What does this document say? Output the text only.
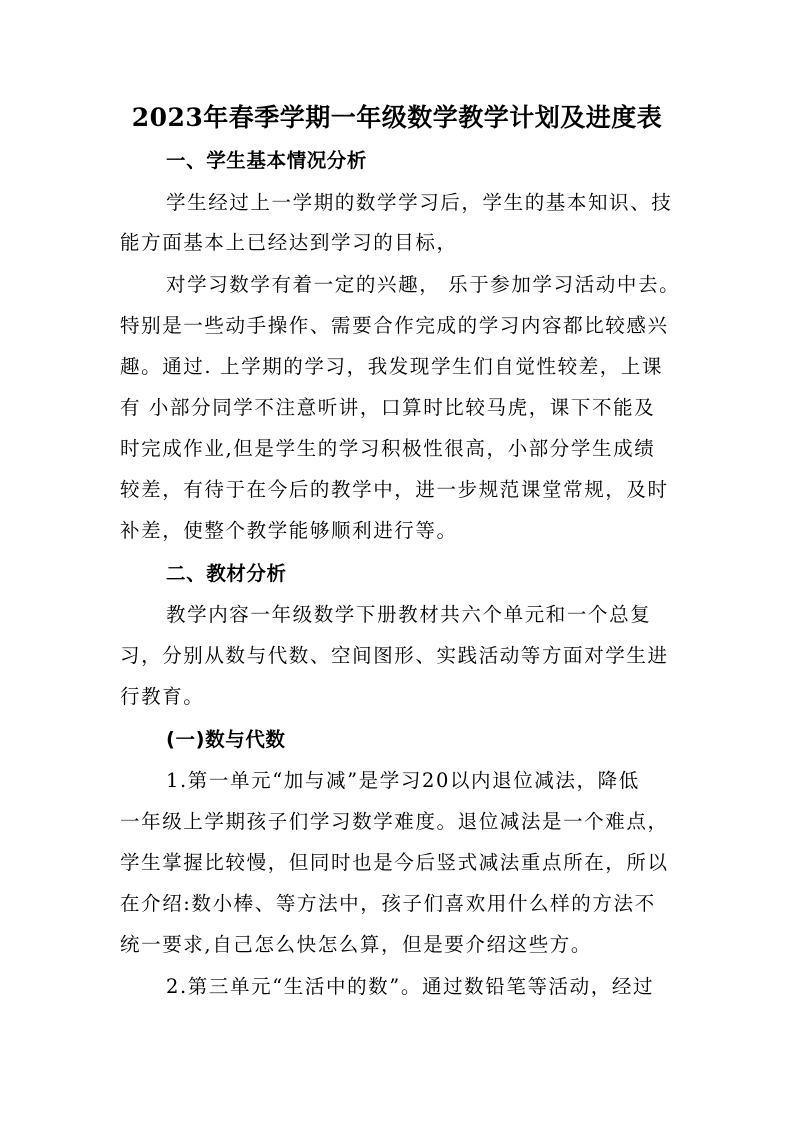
2023年春季学期一年级数学教学计划及进度表
一、学生基本情况分析
学生经过上一学期的数学学习后，学生的基本知识、技
能方面基本上已经达到学习的目标，
对学习数学有着一定的兴趣， 乐于参加学习活动中去。
特别是一些动手操作、需要合作完成的学习内容都比较感兴
趣。通过. 上学期的学习，我发现学生们自觉性较差，上课
有 小部分同学不注意听讲，口算时比较马虎，课下不能及
时完成作业,但是学生的学习积极性很高，小部分学生成绩
较差，有待于在今后的教学中，进一步规范课堂常规，及时
补差，使整个教学能够顺利进行等。
二、教材分析
教学内容一年级数学下册教材共六个单元和一个总复
习，分别从数与代数、空间图形、实践活动等方面对学生进
行教育。
(一)数与代数
1.第一单元“加与减”是学习20以内退位减法，降低
一年级上学期孩子们学习数学难度。退位减法是一个难点，
学生掌握比较慢，但同时也是今后竖式减法重点所在，所以
在介绍:数小棒、等方法中，孩子们喜欢用什么样的方法不
统一要求,自己怎么快怎么算，但是要介绍这些方。
2.第三单元“生活中的数”。通过数铅笔等活动，经过
